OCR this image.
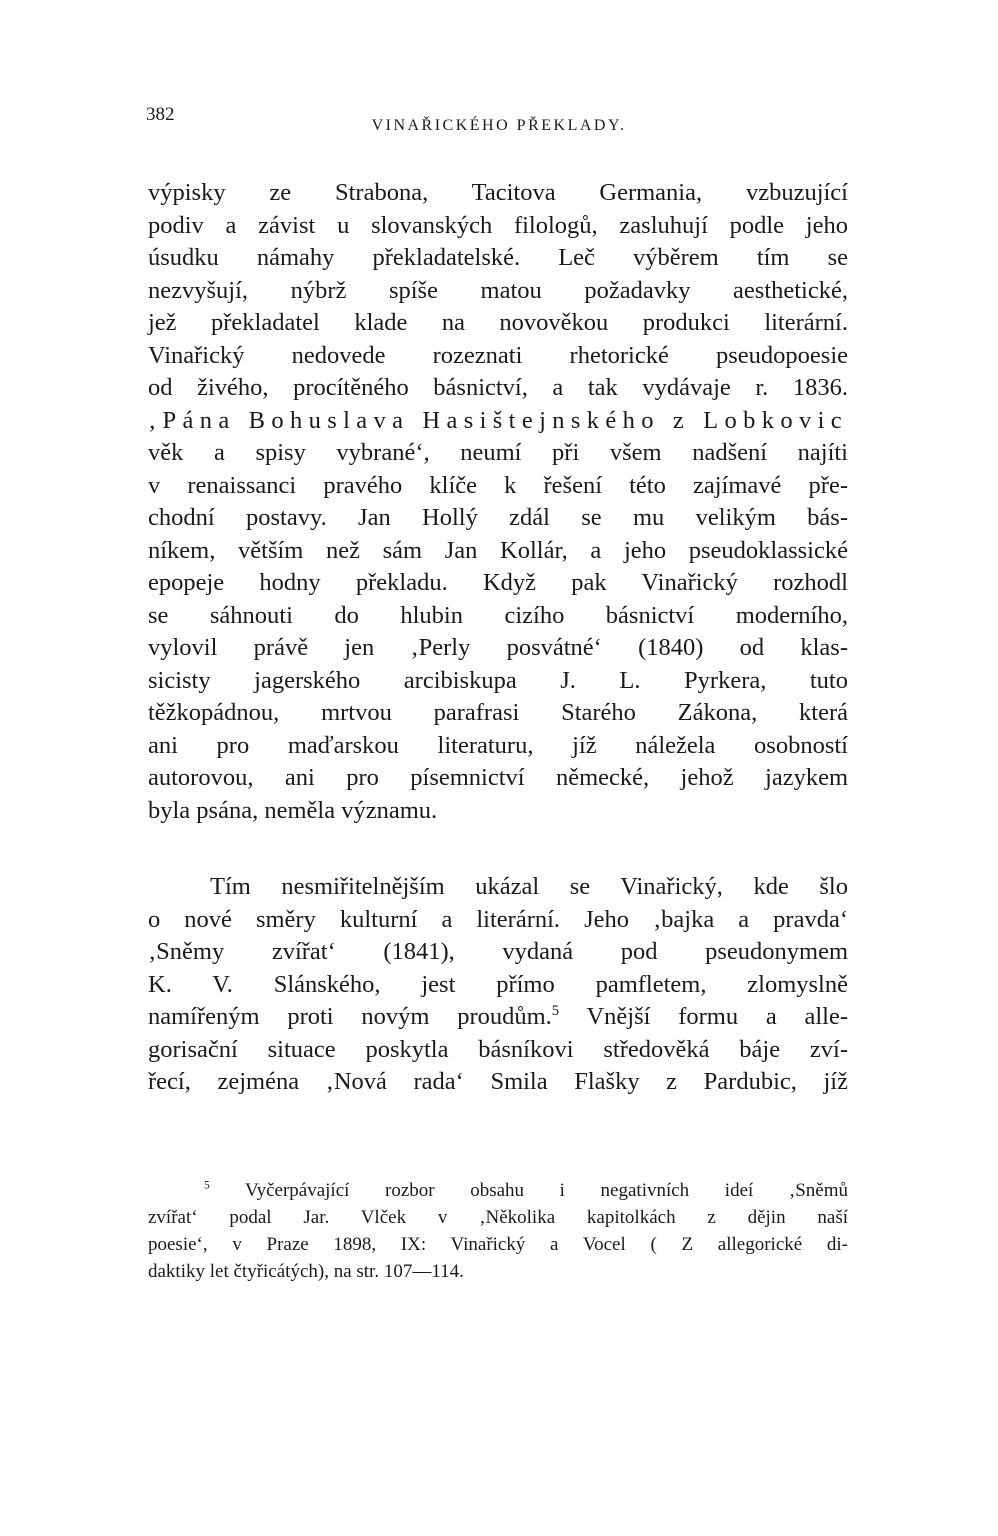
382
VINAŘICKÉHO PŘEKLADY.
výpisky ze Strabona, Tacitova Germania, vzbuzující
podiv a závist u slovanských filologů, zasluhují podle jeho
úsudku námahy překladatelské. Leč výběrem tím se
nezvyšují, nýbrž spíše matou požadavky aesthetické,
jež překladatel klade na novověkou produkci literární.
Vinařický nedovede rozeznati rhetorické pseudopoesie
od živého, procítěného básnictví, a tak vydávaje r. 1836.
‚Pána Bohuslava Hasištejnského z Lobkovic
věk a spisy vybrané‘, neumí při všem nadšení najíti
v renaissanci pravého klíče k řešení této zajímavé pře-
chodní postavy. Jan Hollý zdál se mu velikým bás-
níkem, větším než sám Jan Kollár, a jeho pseudoklassické
epopeje hodny překladu. Když pak Vinařický rozhodl
se sáhnouti do hlubin cizího básnictví moderního,
vylovil právě jen ‚Perly posvátné‘ (1840) od klas-
sicisty jagerského arcibiskupa J. L. Pyrkera, tuto
těžkopádnou, mrtvou parafrasi Starého Zákona, která
ani pro maďarskou literaturu, jíž náležela osobností
autorovou, ani pro písemnictví německé, jehož jazykem
byla psána, neměla významu.
Tím nesmiřitelnějším ukázal se Vinařický, kde šlo
o nové směry kulturní a literární. Jeho ‚bajka a pravda‘
‚Sněmy zvířat‘ (1841), vydaná pod pseudonymem
K. V. Slánského, jest přímo pamfletem, zlomyslně
namířeným proti novým proudům.$^5$ Vnější formu a alle-
gorisační situace poskytla básníkovi středověká báje zví-
řecí, zejména ‚Nová rada‘ Smila Flašky z Pardubic, jíž
$^5$ Vyčerpávající rozbor obsahu i negativních ideí ‚Sněmů
zvířat‘ podal Jar. Vlček v ‚Několika kapitolkách z dějin naší
poesie‘, v Praze 1898, IX: Vinařický a Vocel ( Z allegorické di-
daktiky let čtyřicátých), na str. 107—114.
